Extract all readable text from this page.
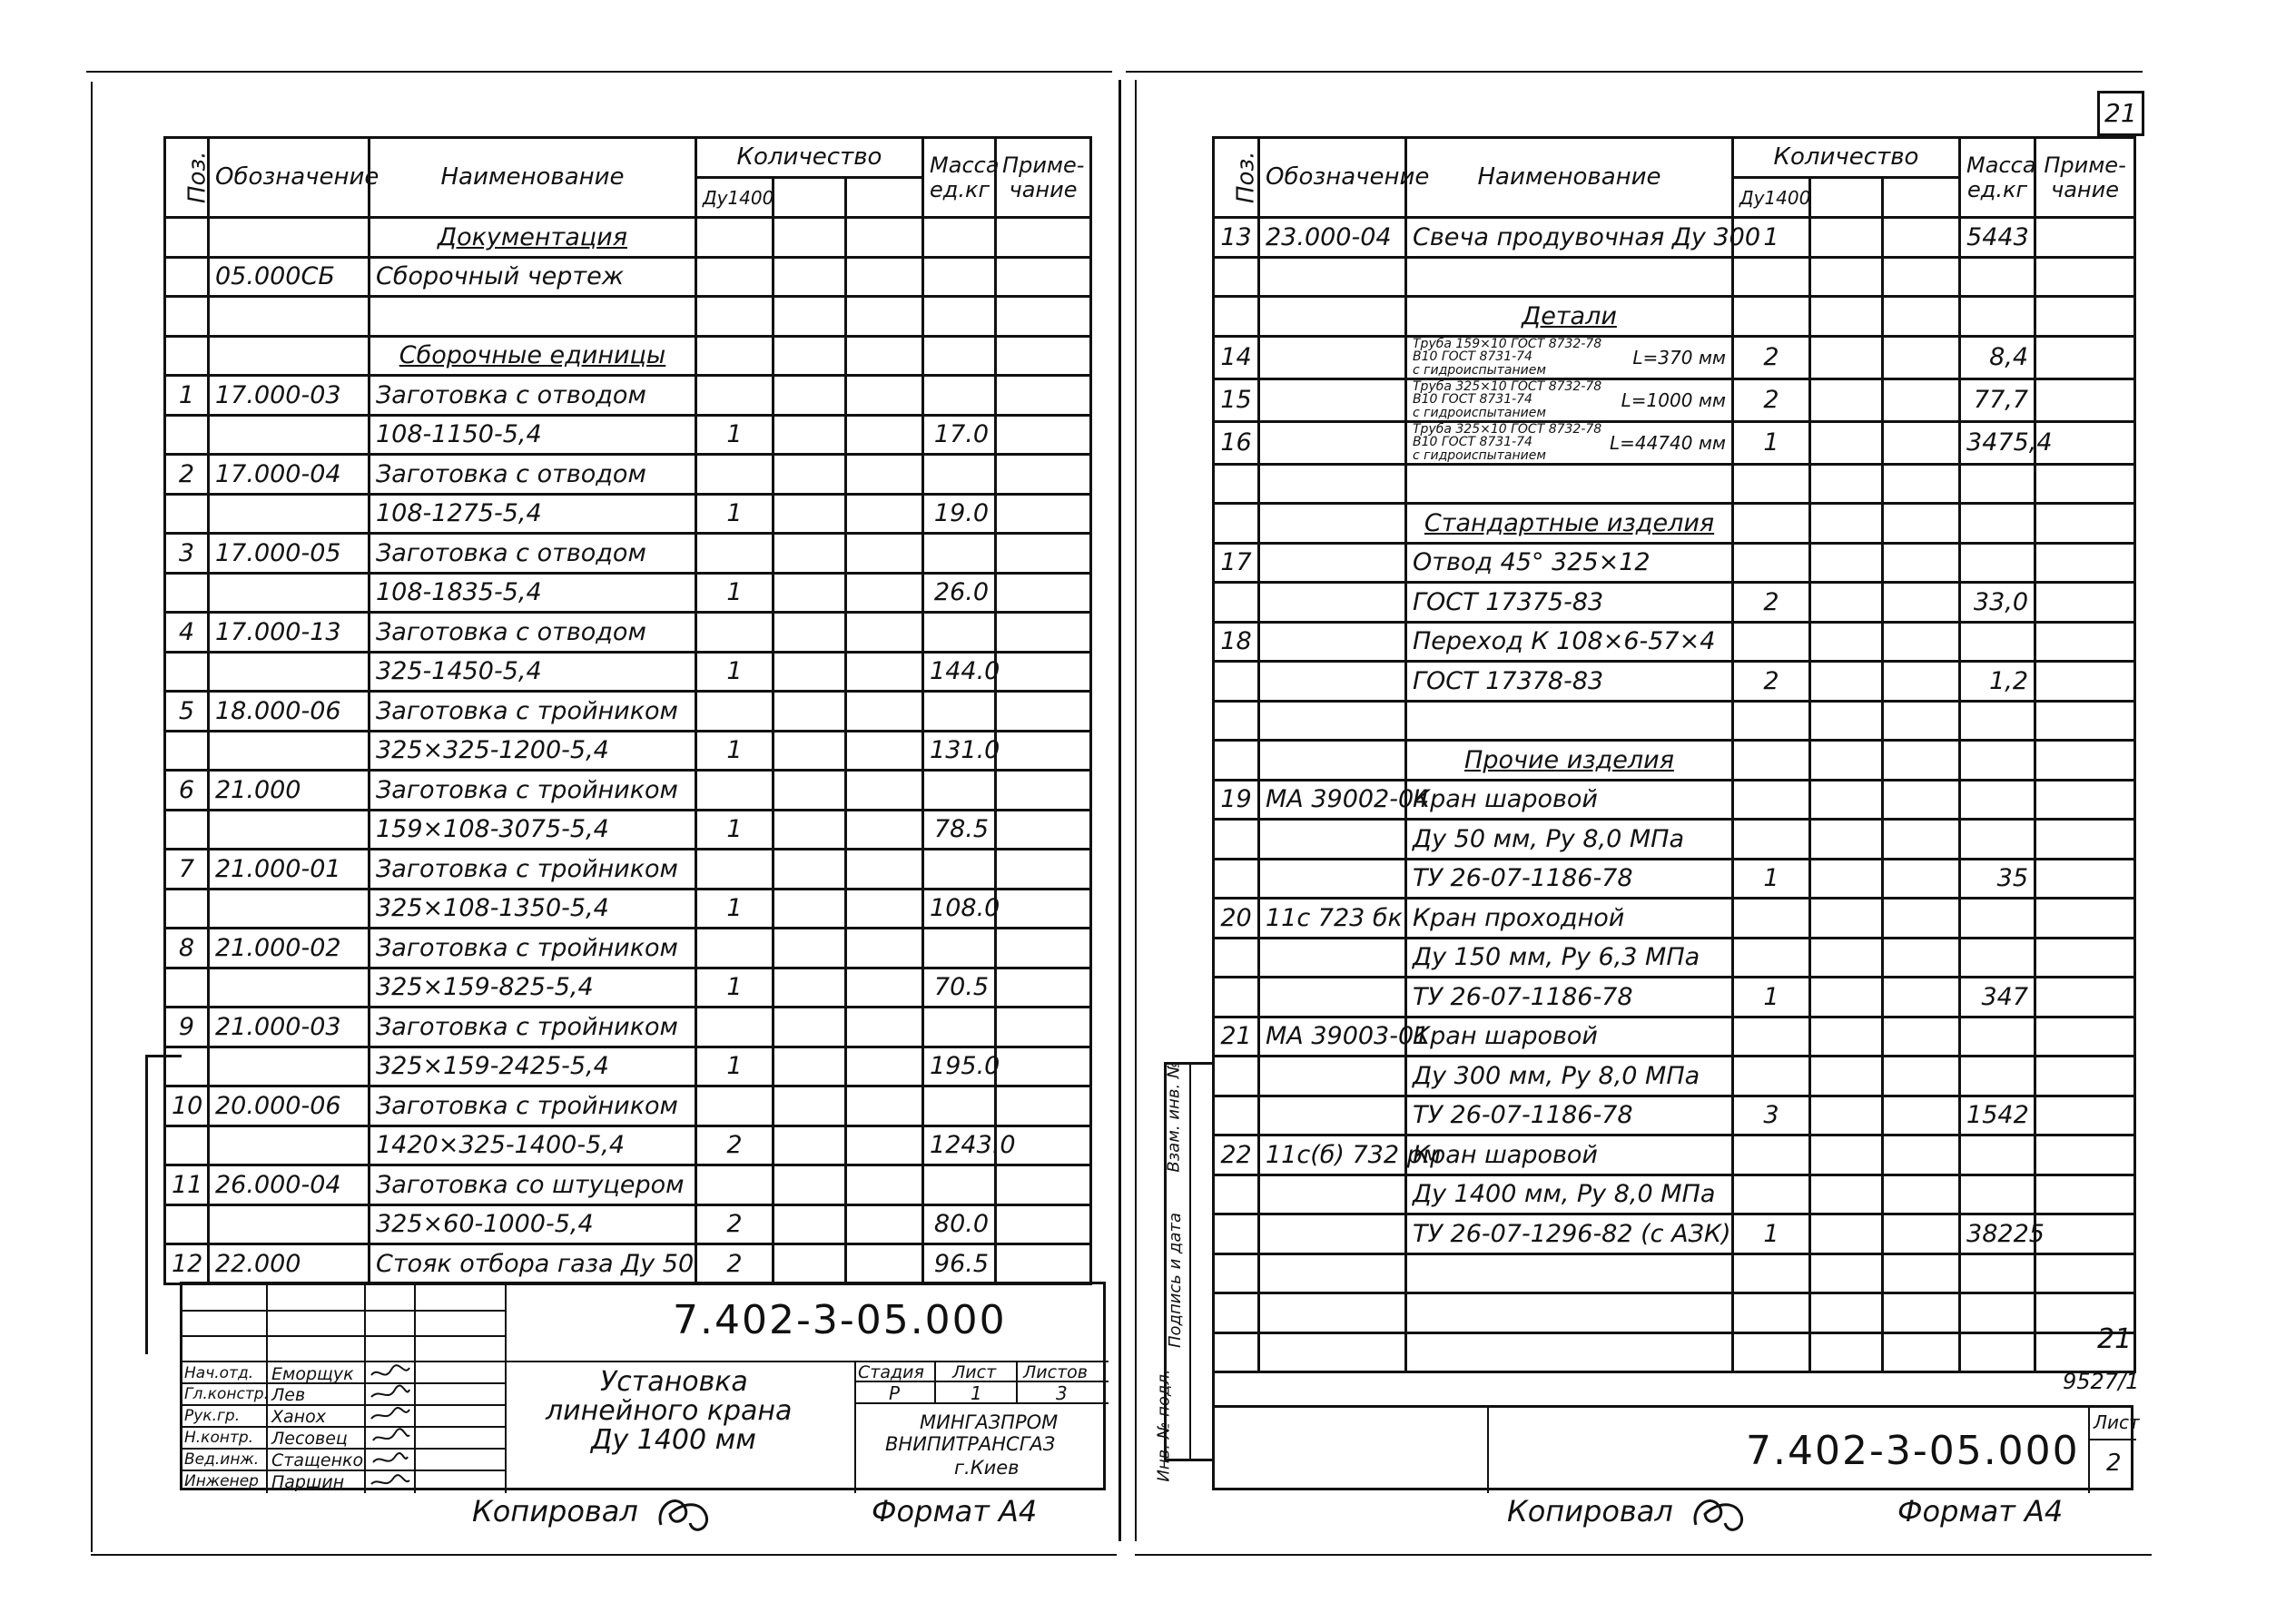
Поз.	Обозначение	Наименование	Количество			Масса ед.кг	Приме-чание
			Ду1400				
		Документация					
	05.000СБ	Сборочный чертеж					

		Сборочные единицы					
1	17.000-03	Заготовка с отводом					
		108-1150-5,4	1			17.0	
2	17.000-04	Заготовка с отводом					
		108-1275-5,4	1			19.0	
3	17.000-05	Заготовка с отводом					
		108-1835-5,4	1			26.0	
4	17.000-13	Заготовка с отводом					
		325-1450-5,4	1			144.0	
5	18.000-06	Заготовка с тройником					
		325×325-1200-5,4	1			131.0	
6	21.000	Заготовка с тройником					
		159×108-3075-5,4	1			78.5	
7	21.000-01	Заготовка с тройником					
		325×108-1350-5,4	1			108.0	
8	21.000-02	Заготовка с тройником					
		325×159-825-5,4	1			70.5	
9	21.000-03	Заготовка с тройником					
		325×159-2425-5,4	1			195.0	
10	20.000-06	Заготовка с тройником					
		1420×325-1400-5,4	2			1243.0	
11	26.000-04	Заготовка со штуцером					
		325×60-1000-5,4	2			80.0	
12	22.000	Стояк отбора газа Ду 50	2			96.5	
7.402-3-05.000
Нач.отд. Еморщук
Гл.констр. Лев
Рук.гр. Ханох
Н.контр. Лесовец
Вед.инж. Стащенко
Инженер Паршин
Установка
линейного крана
Ду 1400 мм
Стадия Лист Листов
Р	1	3
МИНГАЗПРОМ
ВНИПИТРАНСГАЗ
г.Киев
Копировал	Формат А4
21
Поз.	Обозначение	Наименование	Количество			Масса ед.кг	Приме-чание
			Ду1400				
13	23.000-04	Свеча продувочная Ду 300	1			5443	

		Детали					
14		Труба 159×10 ГОСТ 8732-78
В10 ГОСТ 8731-74
с гидроиспытанием
L=370 мм	2			8,4	
15		Труба 325×10 ГОСТ 8732-78
В10 ГОСТ 8731-74
с гидроиспытанием
L=1000 мм	2			77,7	
16		Труба 325×10 ГОСТ 8732-78
В10 ГОСТ 8731-74
с гидроиспытанием
L=44740 мм	1			3475,4	

		Стандартные изделия					
17		Отвод 45° 325×12					
		ГОСТ 17375-83	2			33,0	
18		Переход К 108×6-57×4					
		ГОСТ 17378-83	2			1,2	

		Прочие изделия					
19	МА 39002-04	Кран шаровой					
		Ду 50 мм, Ру 8,0 МПа					
		ТУ 26-07-1186-78	1			35	
20	11с 723 бк	Кран проходной					
		Ду 150 мм, Ру 6,3 МПа					
		ТУ 26-07-1186-78	1			347	
21	МА 39003-01	Кран шаровой					
		Ду 300 мм, Ру 8,0 МПа					
		ТУ 26-07-1186-78	3			1542	
22	11с(б) 732 рм	Кран шаровой					
		Ду 1400 мм, Ру 8,0 МПа					
		ТУ 26-07-1296-82 (с АЗК)	1			38225	

Инв. № подл.
Подпись и дата
Взам. инв. №
7.402-3-05.000
Лист
2
21
9527/1
Копировал	Формат А4
